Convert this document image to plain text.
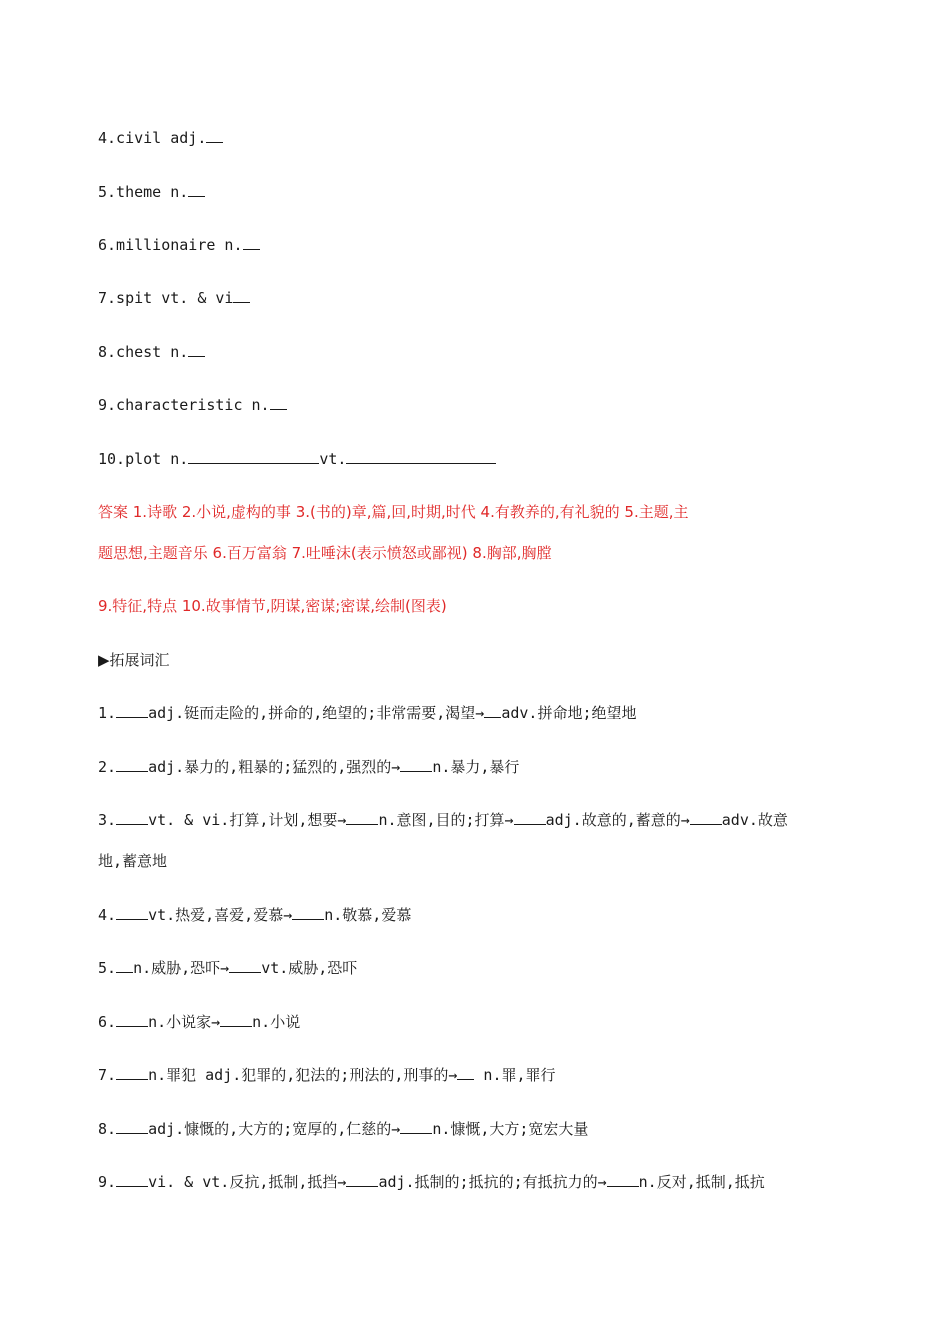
4.civil adj.
5.theme n.
6.millionaire n.
7.spit vt. & vi
8.chest n.
9.characteristic n.
10.plot n.	vt.
答案 1.诗歌 2.小说,虚构的事 3.(书的)章,篇,回,时期,时代 4.有教养的,有礼貌的 5.主题,主
题思想,主题音乐 6.百万富翁 7.吐唾沫(表示愤怒或鄙视) 8.胸部,胸膛
9.特征,特点 10.故事情节,阴谋,密谋;密谋,绘制(图表)
▶拓展词汇
1. adj.铤而走险的,拼命的,绝望的;非常需要,渴望→ adv.拼命地;绝望地
2. adj.暴力的,粗暴的;猛烈的,强烈的→ n.暴力,暴行
3. vt. & vi.打算,计划,想要→ n.意图,目的;打算→ adj.故意的,蓄意的→ adv.故意
地,蓄意地
4. vt.热爱,喜爱,爱慕→ n.敬慕,爱慕
5. n.威胁,恐吓→ vt.威胁,恐吓
6. n.小说家→ n.小说
7. n.罪犯 adj.犯罪的,犯法的;刑法的,刑事的→ n.罪,罪行
8. adj.慷慨的,大方的;宽厚的,仁慈的→ n.慷慨,大方;宽宏大量
9. vi. & vt.反抗,抵制,抵挡→ adj.抵制的;抵抗的;有抵抗力的→ n.反对,抵制,抵抗
